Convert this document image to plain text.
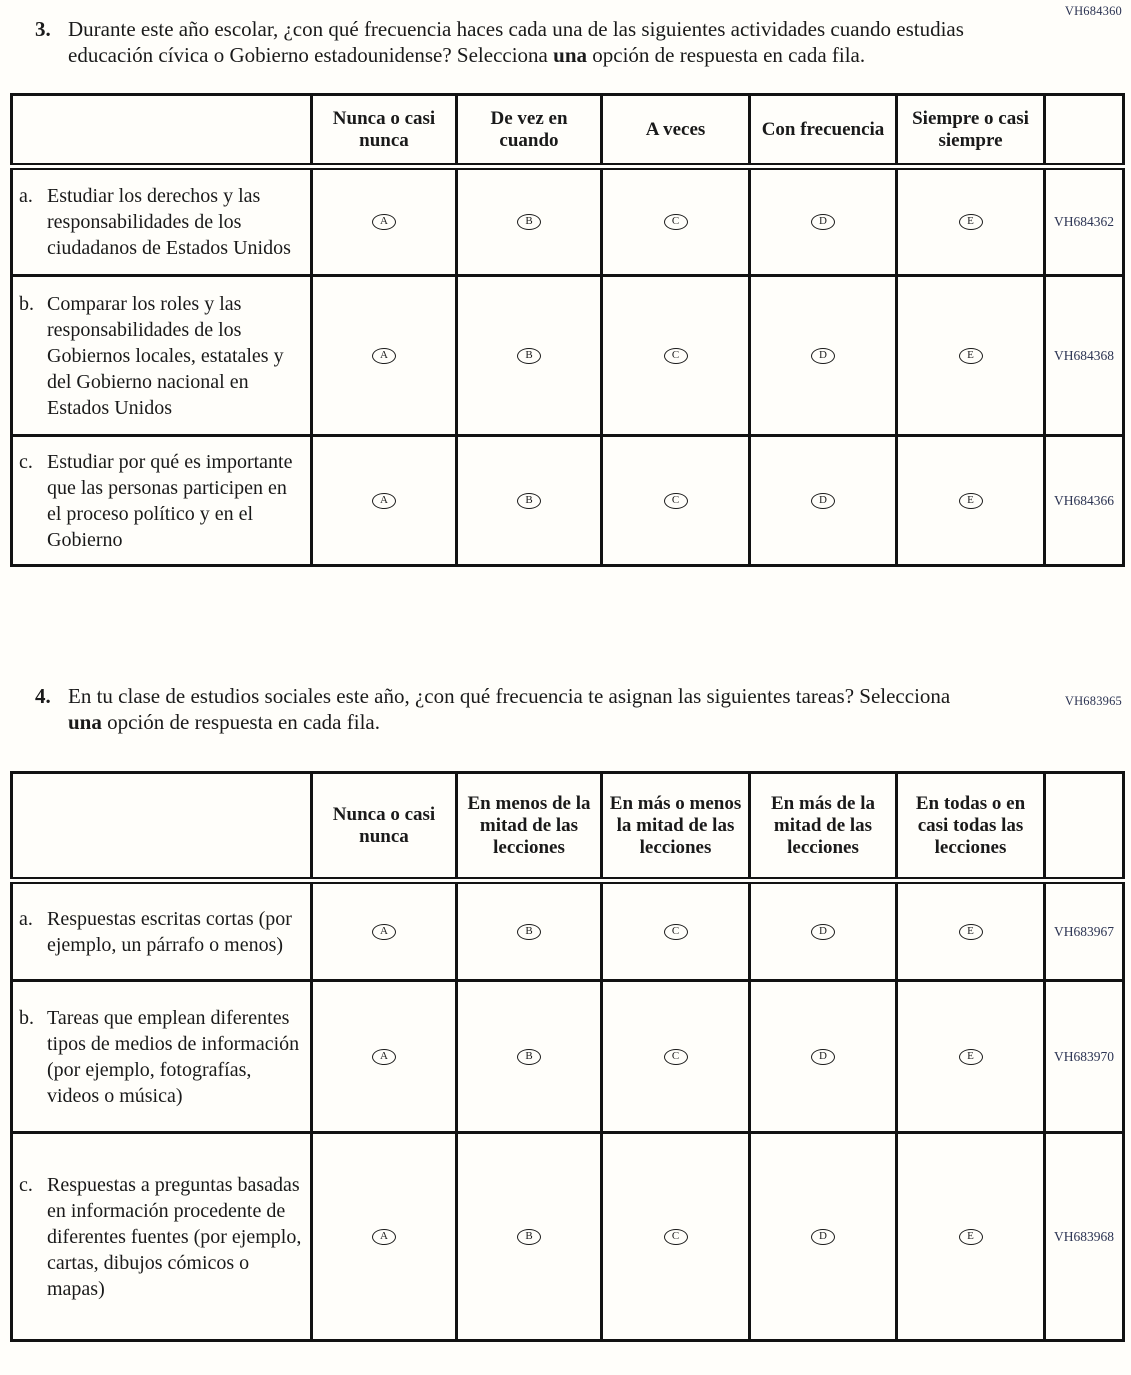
VH684360
VH683965
3. Durante este año escolar, ¿con qué frecuencia haces cada una de las siguientes actividades cuando estudias educación cívica o Gobierno estadounidense? Selecciona una opción de respuesta en cada fila.
	Nunca o casi nunca	De vez en cuando	A veces	Con frecuencia	Siempre o casi siempre	

a. Estudiar los derechos y las responsabilidades de los ciudadanos de Estados Unidos	A	B	C	D	E	VH684362

b. Comparar los roles y las responsabilidades de los Gobiernos locales, estatales y del Gobierno nacional en Estados Unidos	A	B	C	D	E	VH684368

c. Estudiar por qué es importante que las personas participen en el proceso político y en el Gobierno	A	B	C	D	E	VH684366
4. En tu clase de estudios sociales este año, ¿con qué frecuencia te asignan las siguientes tareas? Selecciona una opción de respuesta en cada fila.
	Nunca o casi nunca	En menos de la mitad de las lecciones	En más o menos la mitad de las lecciones	En más de la mitad de las lecciones	En todas o en casi todas las lecciones	

a. Respuestas escritas cortas (por ejemplo, un párrafo o menos)	A	B	C	D	E	VH683967

b. Tareas que emplean diferentes tipos de medios de información (por ejemplo, fotografías, videos o música)	A	B	C	D	E	VH683970

c. Respuestas a preguntas basadas en información procedente de diferentes fuentes (por ejemplo, cartas, dibujos cómicos o mapas)	A	B	C	D	E	VH683968
